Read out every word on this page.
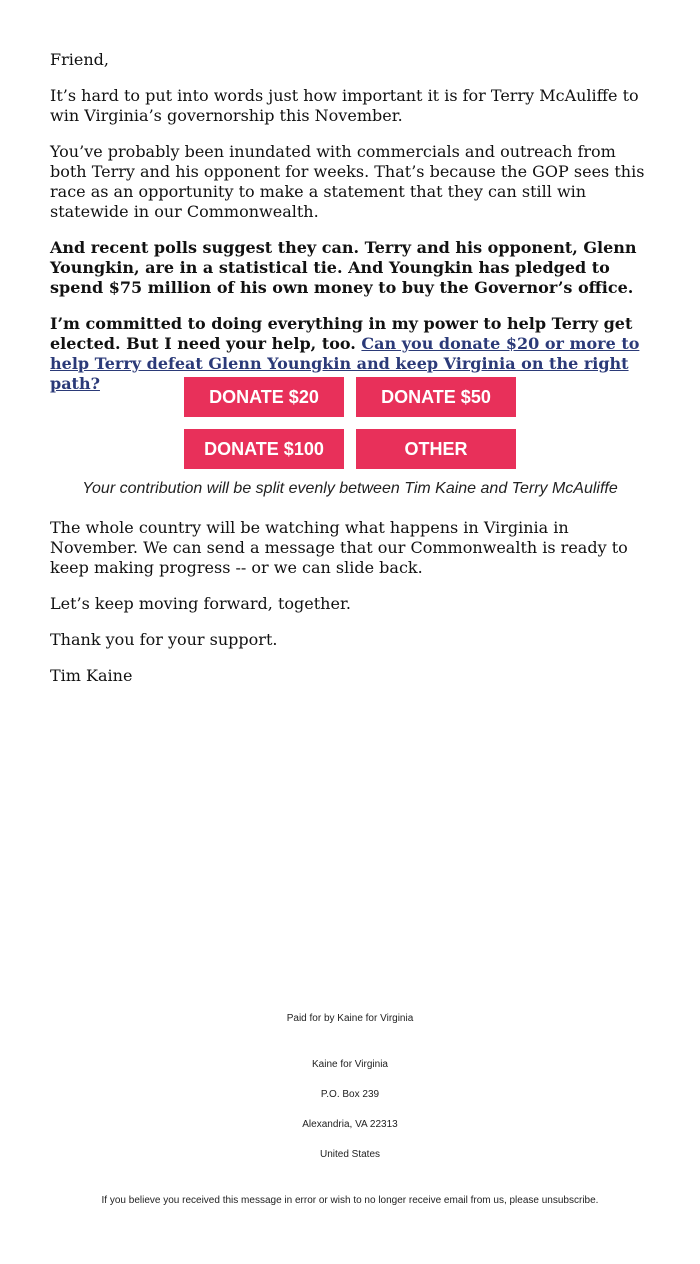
Friend,

It’s hard to put into words just how important it is for Terry McAuliffe to win Virginia’s governorship this November.

You’ve probably been inundated with commercials and outreach from both Terry and his opponent for weeks. That’s because the GOP sees this race as an opportunity to make a statement that they can still win statewide in our Commonwealth.

And recent polls suggest they can. Terry and his opponent, Glenn Youngkin, are in a statistical tie. And Youngkin has pledged to spend $75 million of his own money to buy the Governor’s office.

I’m committed to doing everything in my power to help Terry get elected. But I need your help, too. Can you donate $20 or more to help Terry defeat Glenn Youngkin and keep Virginia on the right path?

DONATE $20	DONATE $50
DONATE $100	OTHER
Your contribution will be split evenly between Tim Kaine and Terry McAuliffe

The whole country will be watching what happens in Virginia in November. We can send a message that our Commonwealth is ready to keep making progress -- or we can slide back.

Let’s keep moving forward, together.

Thank you for your support.

Tim Kaine

Paid for by Kaine for Virginia
Kaine for Virginia
P.O. Box 239
Alexandria, VA 22313
United States
If you believe you received this message in error or wish to no longer receive email from us, please unsubscribe.
